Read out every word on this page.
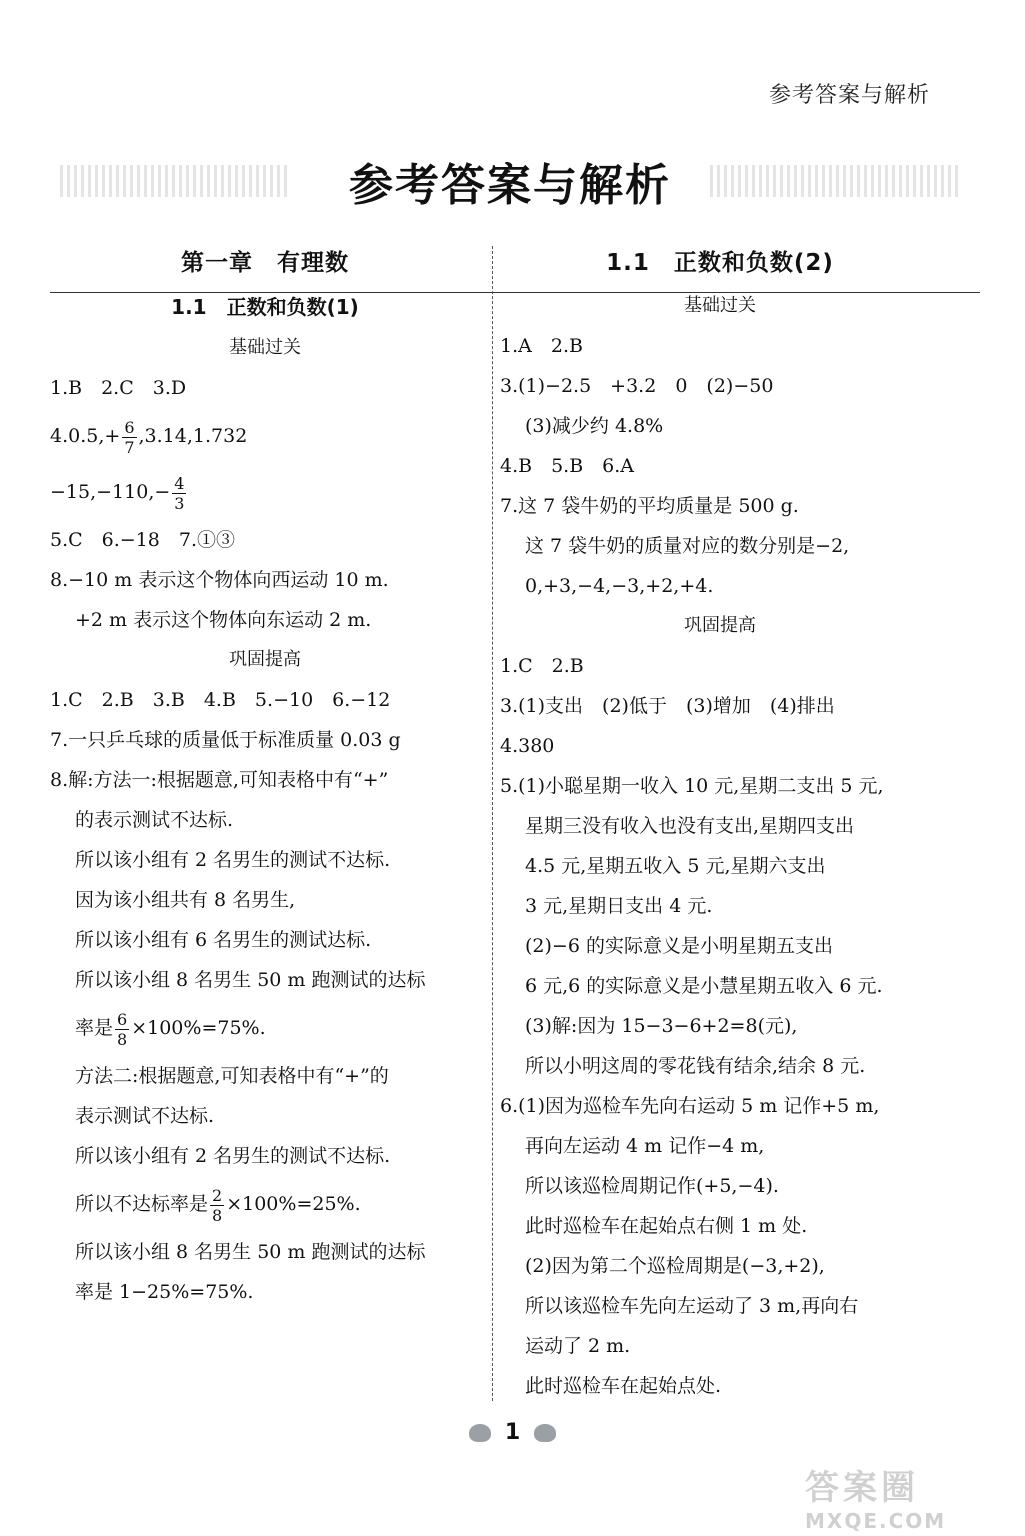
参考答案与解析
参考答案与解析
第一章　有理数
1.1　正数和负数(1)
基础过关
1.B　2.C　3.D
$4.0.5,+ \frac{6}{7} ,3.14,1.732$
$-15,-110,- \frac{4}{3}$
5.C　6.−18　7.①③
8.−10 m 表示这个物体向西运动 10 m.
+2 m 表示这个物体向东运动 2 m.
巩固提高
1.C　2.B　3.B　4.B　5.−10　6.−12
7.一只乒乓球的质量低于标准质量 0.03 g
8.解:方法一:根据题意,可知表格中有“+”
的表示测试不达标.
所以该小组有 2 名男生的测试不达标.
因为该小组共有 8 名男生,
所以该小组有 6 名男生的测试达标.
所以该小组 8 名男生 50 m 跑测试的达标
率是 $\frac{6}{8} \times 100\%=75\%$.
方法二:根据题意,可知表格中有“+”的
表示测试不达标.
所以该小组有 2 名男生的测试不达标.
所以不达标率是 $\frac{2}{8} \times 100\%=25\%$.
所以该小组 8 名男生 50 m 跑测试的达标
率是 1−25%=75%.
1.1　正数和负数(2)
基础过关
1.A　2.B
3.(1)−2.5　+3.2　0　(2)−50
(3)减少约 4.8%
4.B　5.B　6.A
7.这 7 袋牛奶的平均质量是 500 g.
这 7 袋牛奶的质量对应的数分别是−2,
0,+3,−4,−3,+2,+4.
巩固提高
1.C　2.B
3.(1)支出　(2)低于　(3)增加　(4)排出
4.380
5.(1)小聪星期一收入 10 元,星期二支出 5 元,
星期三没有收入也没有支出,星期四支出
4.5 元,星期五收入 5 元,星期六支出
3 元,星期日支出 4 元.
(2)−6 的实际意义是小明星期五支出
6 元,6 的实际意义是小慧星期五收入 6 元.
(3)解:因为 15−3−6+2=8(元),
所以小明这周的零花钱有结余,结余 8 元.
6.(1)因为巡检车先向右运动 5 m 记作+5 m,
再向左运动 4 m 记作−4 m,
所以该巡检周期记作(+5,−4).
此时巡检车在起始点右侧 1 m 处.
(2)因为第二个巡检周期是(−3,+2),
所以该巡检车先向左运动了 3 m,再向右
运动了 2 m.
此时巡检车在起始点处.
1
答案圈
MXQE.COM
